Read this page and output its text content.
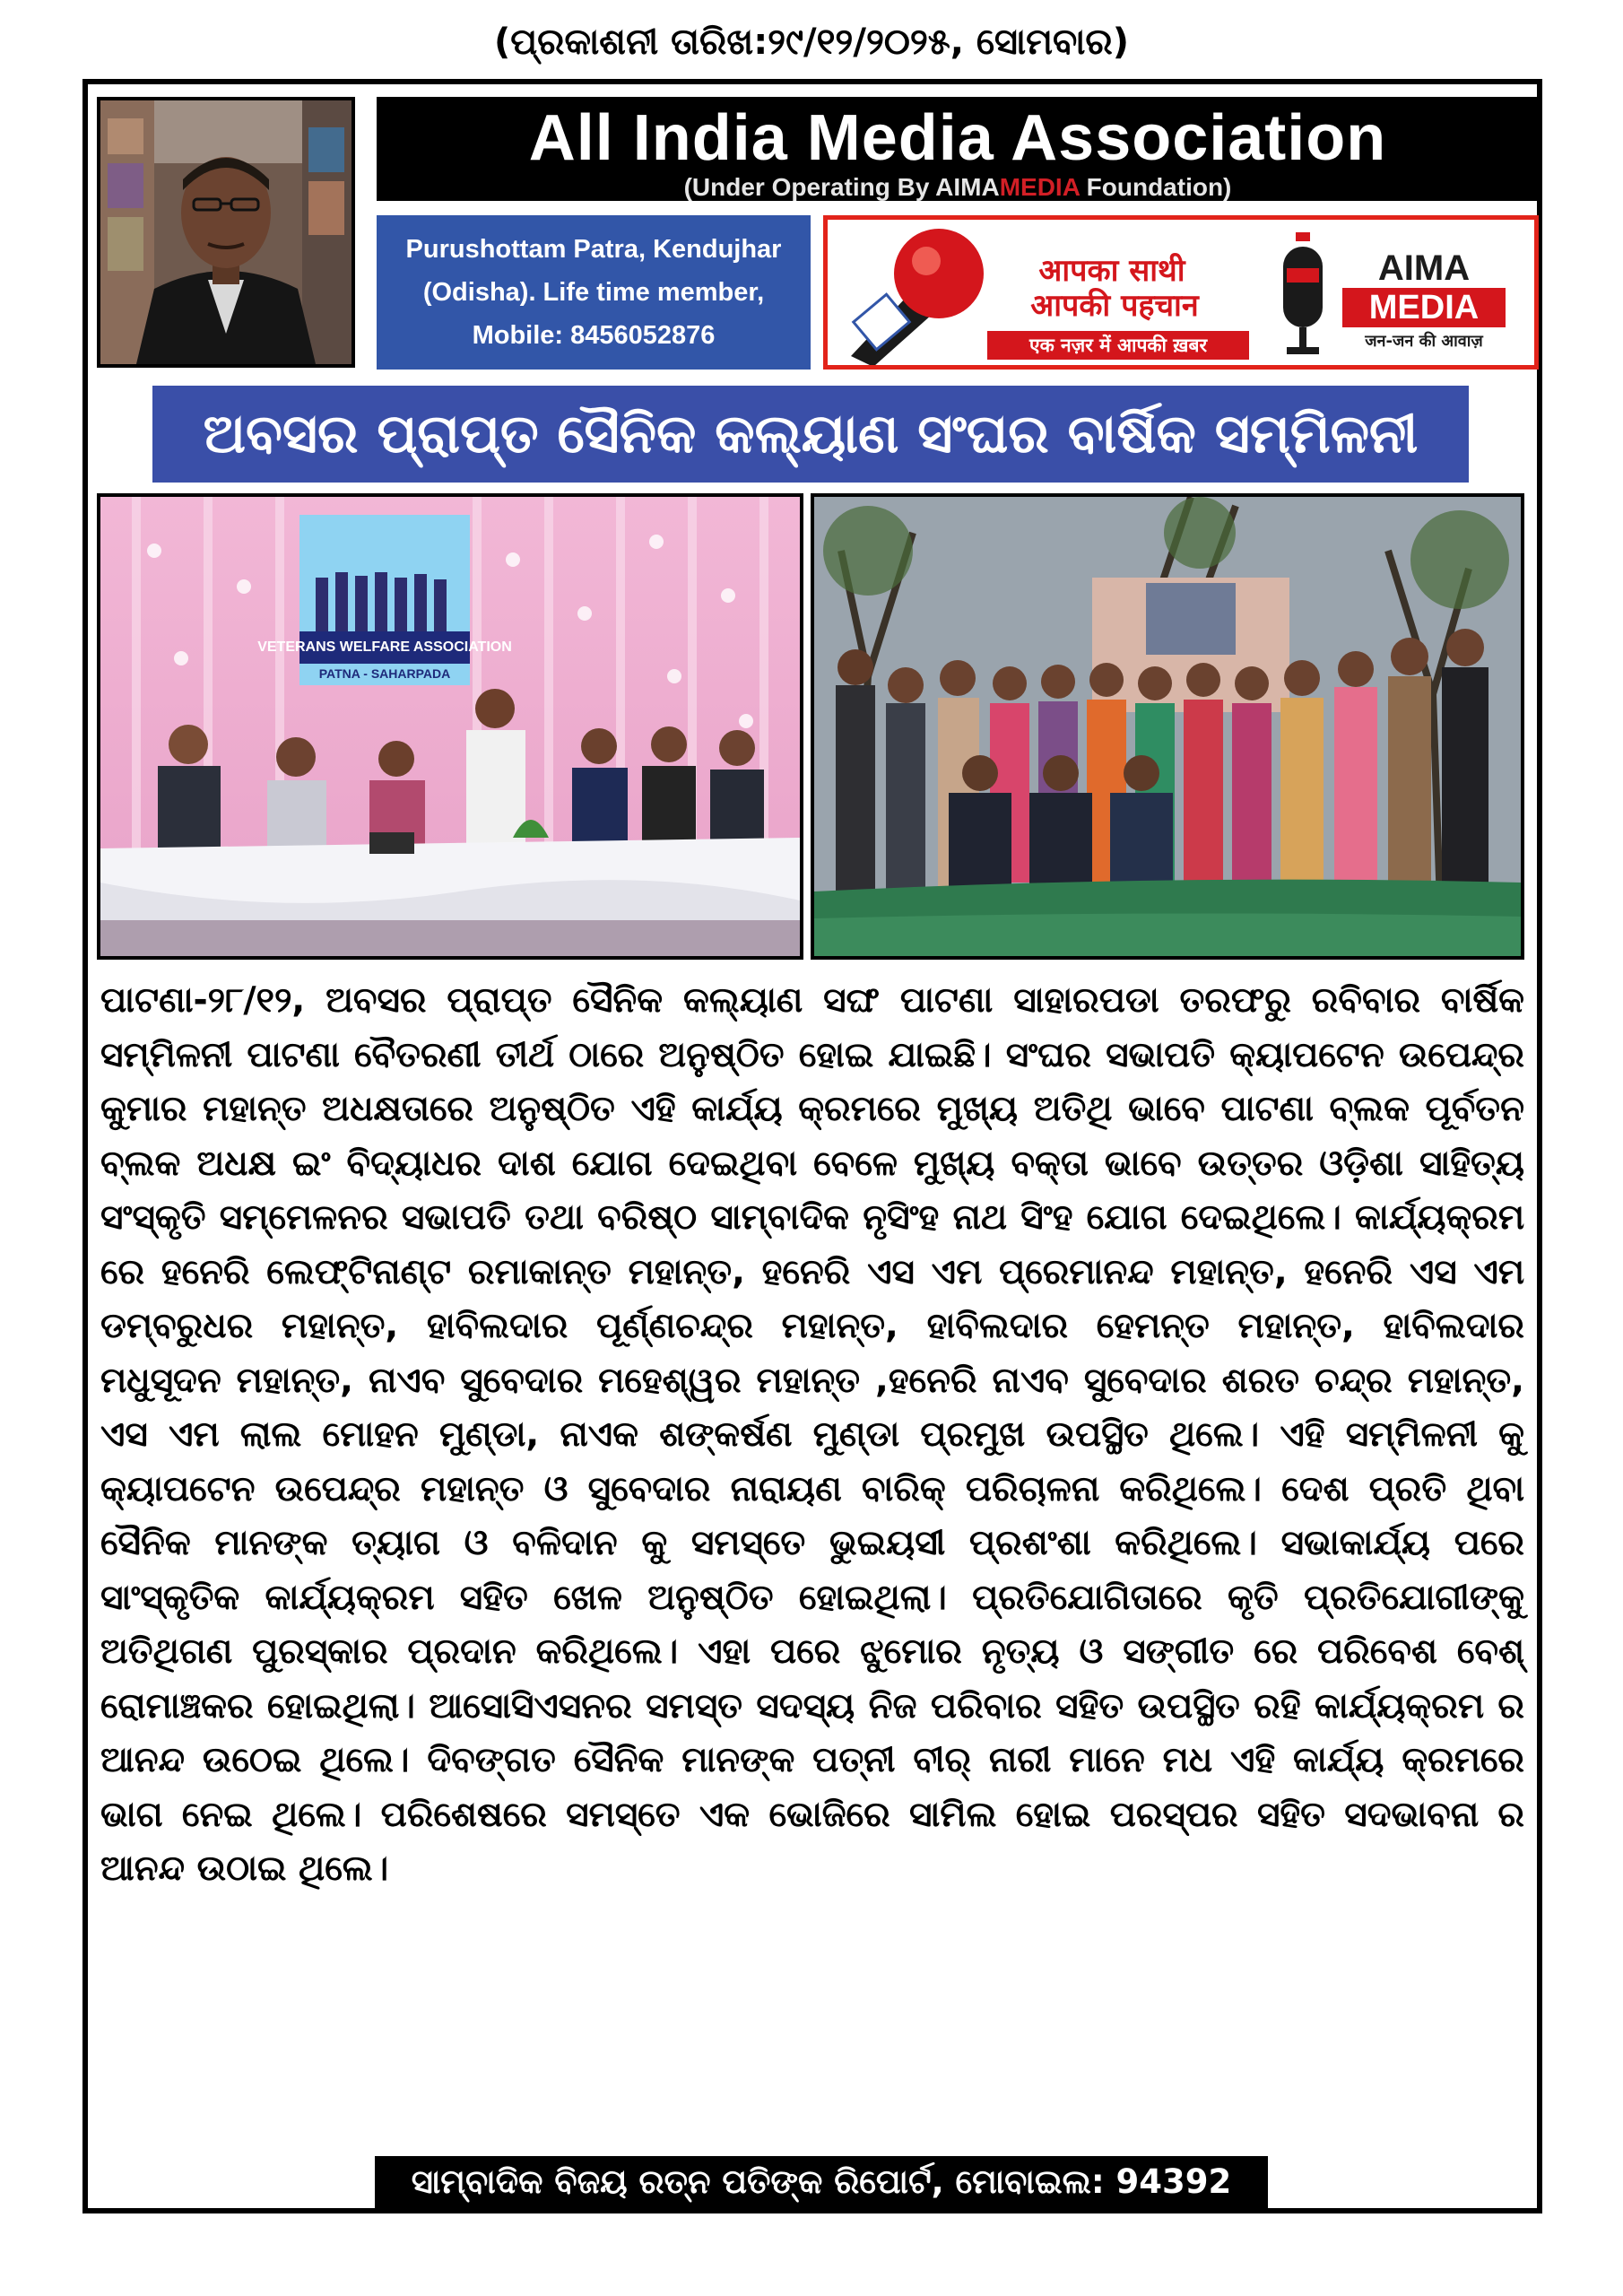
(ପ୍ରକାଶନୀ ତାରିଖ:୨୯/୧୨/୨୦୨୫, ସୋମବାର)
All India Media Association
(Under Operating By AIMAMEDIA Foundation)
Purushottam Patra, Kendujhar
(Odisha). Life time member,
Mobile: 8456052876
आपका साथी
आपकी पहचान
एक नज़र में आपकी ख़बर
AIMA
MEDIA
जन-जन की आवाज़
ଅବସର ପ୍ରାପ୍ତ ସୈନିକ କଲ୍ୟାଣ ସଂଘର ବାର୍ଷିକ ସମ୍ମିଳନୀ
VETERANS WELFARE ASSOCIATION
PATNA - SAHARPADA
ପାଟଣା-୨୮/୧୨, ଅବସର ପ୍ରାପ୍ତ ସୈନିକ କଲ୍ୟାଣ ସଙ୍ଘ ପାଟଣା ସାହାରପଡା ତରଫରୁ ରବିବାର ବାର୍ଷିକ ସମ୍ମିଳନୀ ପାଟଣା ବୈତରଣୀ ତୀର୍ଥ ଠାରେ ଅନୁଷ୍ଠିତ ହୋଇ ଯାଇଛି। ସଂଘର ସଭାପତି କ୍ୟାପଟେନ ଉପେନ୍ଦ୍ର କୁମାର ମହାନ୍ତ ଅଧକ୍ଷତାରେ ଅନୁଷ୍ଠିତ ଏହି କାର୍ଯ୍ୟ କ୍ରମରେ ମୁଖ୍ୟ ଅତିଥି ଭାବେ ପାଟଣା ବ୍ଲକ ପୂର୍ବତନ ବ୍ଲକ ଅଧକ୍ଷ ଇଂ ବିଦ୍ୟାଧର ଦାଶ ଯୋଗ ଦେଇଥିବା ବେଳେ ମୁଖ୍ୟ ବକ୍ତା ଭାବେ ଉତ୍ତର ଓଡ଼ିଶା ସାହିତ୍ୟ ସଂସ୍କୃତି ସମ୍ମେଳନର ସଭାପତି ତଥା ବରିଷ୍ଠ ସାମ୍ବାଦିକ ନୃସିଂହ ନାଥ ସିଂହ ଯୋଗ ଦେଇଥିଲେ। କାର୍ଯ୍ୟକ୍ରମ ରେ ହନେରି ଲେଫ୍ଟିନାଣ୍ଟ ରମାକାନ୍ତ ମହାନ୍ତ, ହନେରି ଏସ ଏମ ପ୍ରେମାନନ୍ଦ ମହାନ୍ତ, ହନେରି ଏସ ଏମ ଡମ୍ବରୁଧର ମହାନ୍ତ, ହାବିଲଦାର ପୂର୍ଣ୍ଣଚନ୍ଦ୍ର ମହାନ୍ତ, ହାବିଲଦାର ହେମନ୍ତ ମହାନ୍ତ, ହାବିଲଦାର ମଧୁସୂଦନ ମହାନ୍ତ, ନାଏବ ସୁବେଦାର ମହେଶ୍ୱର ମହାନ୍ତ ,ହନେରି ନାଏବ ସୁବେଦାର ଶରତ ଚନ୍ଦ୍ର ମହାନ୍ତ, ଏସ ଏମ ଲାଲ ମୋହନ ମୁଣ୍ଡା, ନାଏକ ଶଙ୍କର୍ଷଣ ମୁଣ୍ଡା ପ୍ରମୁଖ ଉପସ୍ଥିତ ଥିଲେ। ଏହି ସମ୍ମିଳନୀ କୁ କ୍ୟାପଟେନ ଉପେନ୍ଦ୍ର ମହାନ୍ତ ଓ ସୁବେଦାର ନାରାୟଣ ବାରିକ୍ ପରିଚାଳନା କରିଥିଲେ। ଦେଶ ପ୍ରତି ଥିବା ସୈନିକ ମାନଙ୍କ ତ୍ୟାଗ ଓ ବଳିଦାନ କୁ ସମସ୍ତେ ଭୁଇୟସୀ ପ୍ରଶଂଶା କରିଥିଲେ। ସଭାକାର୍ଯ୍ୟ ପରେ ସାଂସ୍କୃତିକ କାର୍ଯ୍ୟକ୍ରମ ସହିତ ଖେଳ ଅନୁଷ୍ଠିତ ହୋଇଥିଲା। ପ୍ରତିଯୋଗିତାରେ କୃତି ପ୍ରତିଯୋଗୀଙ୍କୁ ଅତିଥିଗଣ ପୁରସ୍କାର ପ୍ରଦାନ କରିଥିଲେ। ଏହା ପରେ ଝୁମୋର ନୃତ୍ୟ ଓ ସଙ୍ଗୀତ ରେ ପରିବେଶ ବେଶ୍ ରୋମାଞ୍ଚକର ହୋଇଥିଲା। ଆସୋସିଏସନର ସମସ୍ତ ସଦସ୍ୟ ନିଜ ପରିବାର ସହିତ ଉପସ୍ଥିତ ରହି କାର୍ଯ୍ୟକ୍ରମ ର ଆନନ୍ଦ ଉଠେଇ ଥିଲେ। ଦିବଙ୍ଗତ ସୈନିକ ମାନଙ୍କ ପତ୍ନୀ ବୀର୍ ନାରୀ ମାନେ ମଧ ଏହି କାର୍ଯ୍ୟ କ୍ରମରେ ଭାଗ ନେଇ ଥିଲେ। ପରିଶେଷରେ ସମସ୍ତେ ଏକ ଭୋଜିରେ ସାମିଲ ହୋଇ ପରସ୍ପର ସହିତ ସଦଭାବନା ର ଆନନ୍ଦ ଉଠାଇ ଥିଲେ।
ସାମ୍ବାଦିକ ବିଜୟ ରତ୍ନ ପତିଙ୍କ ରିପୋର୍ଟ, ମୋବାଇଲ: 94392 11178
